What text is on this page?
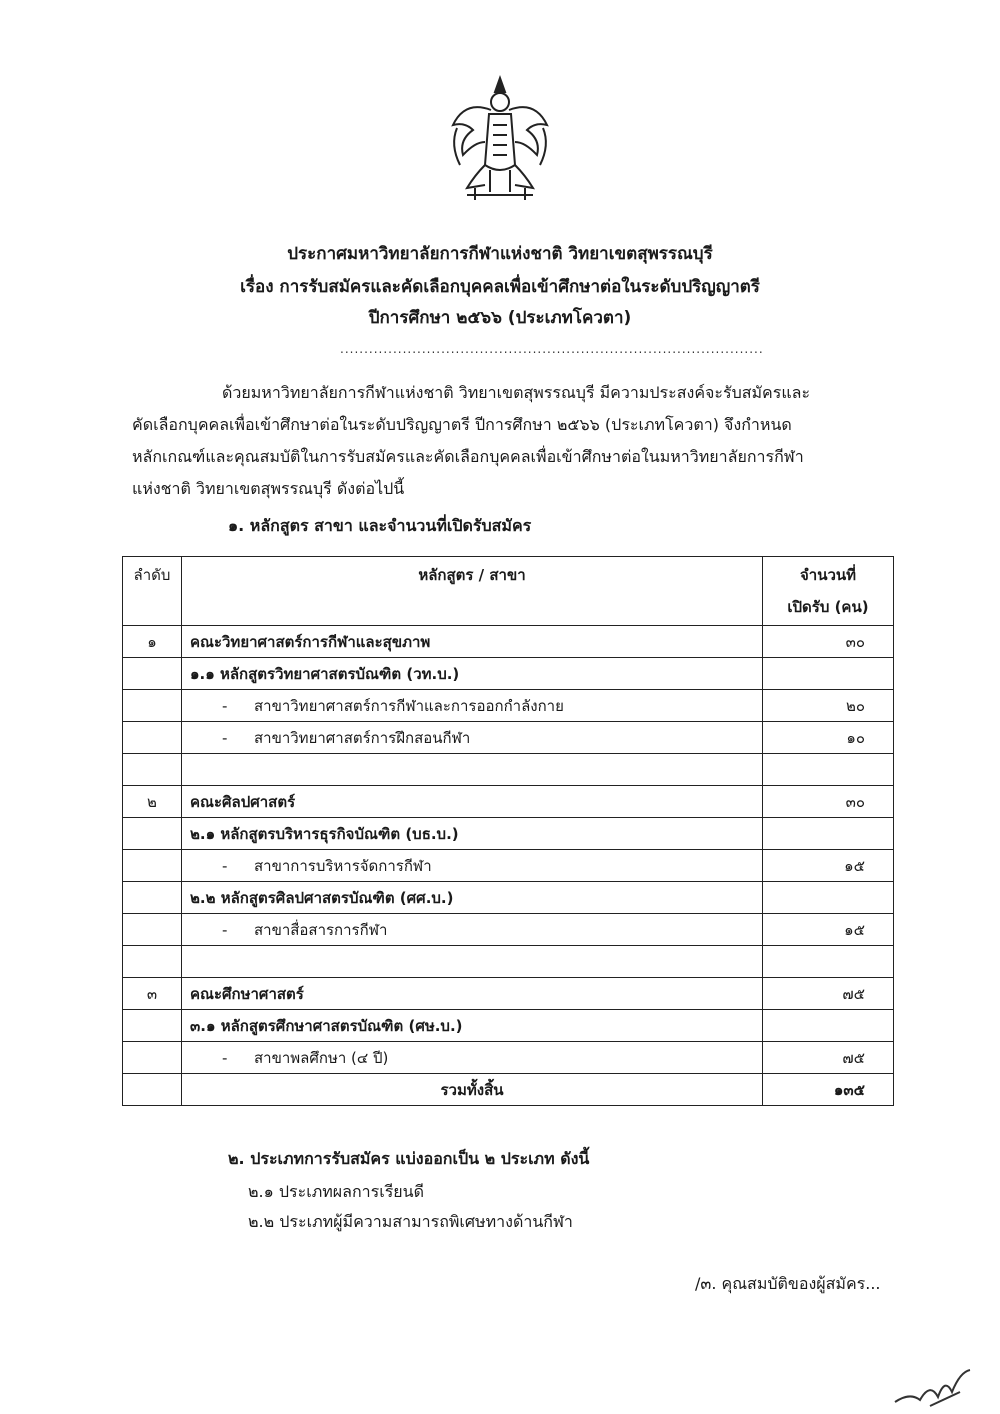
ประกาศมหาวิทยาลัยการกีฬาแห่งชาติ วิทยาเขตสุพรรณบุรี
เรื่อง การรับสมัครและคัดเลือกบุคคลเพื่อเข้าศึกษาต่อในระดับปริญญาตรี
ปีการศึกษา ๒๕๖๖ (ประเภทโควตา)
........................................................................................
ด้วยมหาวิทยาลัยการกีฬาแห่งชาติ วิทยาเขตสุพรรณบุรี มีความประสงค์จะรับสมัครและ
คัดเลือกบุคคลเพื่อเข้าศึกษาต่อในระดับปริญญาตรี ปีการศึกษา ๒๕๖๖ (ประเภทโควตา) จึงกำหนด
หลักเกณฑ์และคุณสมบัติในการรับสมัครและคัดเลือกบุคคลเพื่อเข้าศึกษาต่อในมหาวิทยาลัยการกีฬา
แห่งชาติ วิทยาเขตสุพรรณบุรี ดังต่อไปนี้
๑. หลักสูตร สาขา และจำนวนที่เปิดรับสมัคร
ลำดับ	หลักสูตร / สาขา	จำนวนที่
เปิดรับ (คน)

๑	คณะวิทยาศาสตร์การกีฬาและสุขภาพ	๓๐
	๑.๑ หลักสูตรวิทยาศาสตรบัณฑิต (วท.บ.)	
	- สาขาวิทยาศาสตร์การกีฬาและการออกกำลังกาย	๒๐
	- สาขาวิทยาศาสตร์การฝึกสอนกีฬา	๑๐

๒	คณะศิลปศาสตร์	๓๐
	๒.๑ หลักสูตรบริหารธุรกิจบัณฑิต (บธ.บ.)	
	- สาขาการบริหารจัดการกีฬา	๑๕
	๒.๒ หลักสูตรศิลปศาสตรบัณฑิต (ศศ.บ.)	
	- สาขาสื่อสารการกีฬา	๑๕

๓	คณะศึกษาศาสตร์	๗๕
	๓.๑ หลักสูตรศึกษาศาสตรบัณฑิต (ศษ.บ.)	
	- สาขาพลศึกษา (๔ ปี)	๗๕
	รวมทั้งสิ้น	๑๓๕
๒. ประเภทการรับสมัคร แบ่งออกเป็น ๒ ประเภท ดังนี้
๒.๑ ประเภทผลการเรียนดี
๒.๒ ประเภทผู้มีความสามารถพิเศษทางด้านกีฬา
/๓. คุณสมบัติของผู้สมัคร...
